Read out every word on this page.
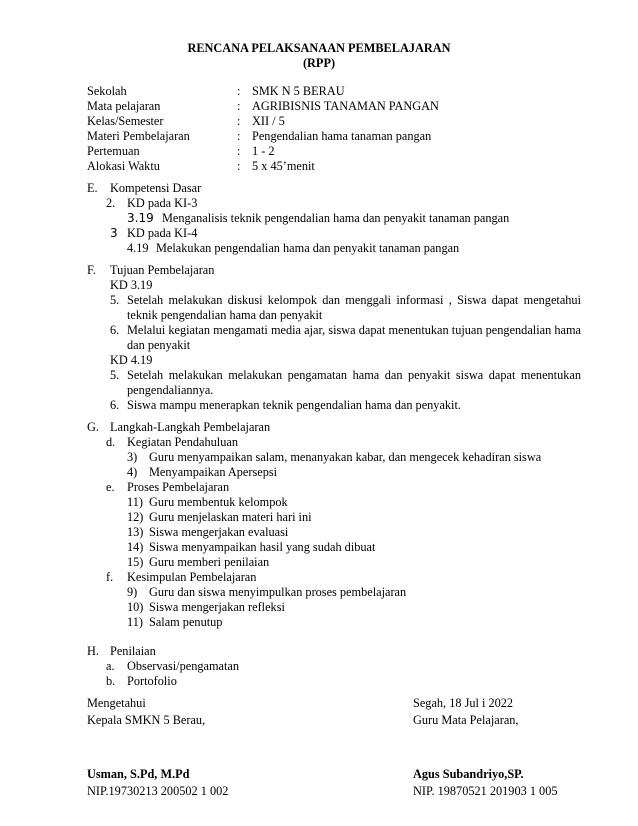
RENCANA PELAKSANAAN PEMBELAJARAN
(RPP)
Sekolah	: SMK N 5 BERAU
Mata pelajaran	: AGRIBISNIS TANAMAN PANGAN
Kelas/Semester	: XII / 5
Materi Pembelajaran	: Pengendalian hama tanaman pangan
Pertemuan	: 1 - 2
Alokasi Waktu	: 5 x 45’menit
E. Kompetensi Dasar
2. KD pada KI-3
3.19 Menganalisis teknik pengendalian hama dan penyakit tanaman pangan
3 KD pada KI-4
4.19 Melakukan pengendalian hama dan penyakit tanaman pangan
F. Tujuan Pembelajaran
KD 3.19
5. Setelah melakukan diskusi kelompok dan menggali informasi , Siswa dapat mengetahui teknik pengendalian hama dan penyakit
6. Melalui kegiatan mengamati media ajar, siswa dapat menentukan tujuan pengendalian hama dan penyakit
KD 4.19
5. Setelah melakukan melakukan pengamatan hama dan penyakit siswa dapat menentukan pengendaliannya.
6. Siswa mampu menerapkan teknik pengendalian hama dan penyakit.
G. Langkah-Langkah Pembelajaran
d. Kegiatan Pendahuluan
3) Guru menyampaikan salam, menanyakan kabar, dan mengecek kehadiran siswa
4) Menyampaikan Apersepsi
e. Proses Pembelajaran
11) Guru membentuk kelompok
12) Guru menjelaskan materi hari ini
13) Siswa mengerjakan evaluasi
14) Siswa menyampaikan hasil yang sudah dibuat
15) Guru memberi penilaian
f. Kesimpulan Pembelajaran
9) Guru dan siswa menyimpulkan proses pembelajaran
10) Siswa mengerjakan refleksi
11) Salam penutup
H. Penilaian
a. Observasi/pengamatan
b. Portofolio
Mengetahui
Kepala SMKN 5 Berau,
Usman, S.Pd, M.Pd
NIP.19730213 200502 1 002
Segah, 18 Jul i 2022
Guru Mata Pelajaran,
Agus Subandriyo,SP.
NIP. 19870521 201903 1 005
